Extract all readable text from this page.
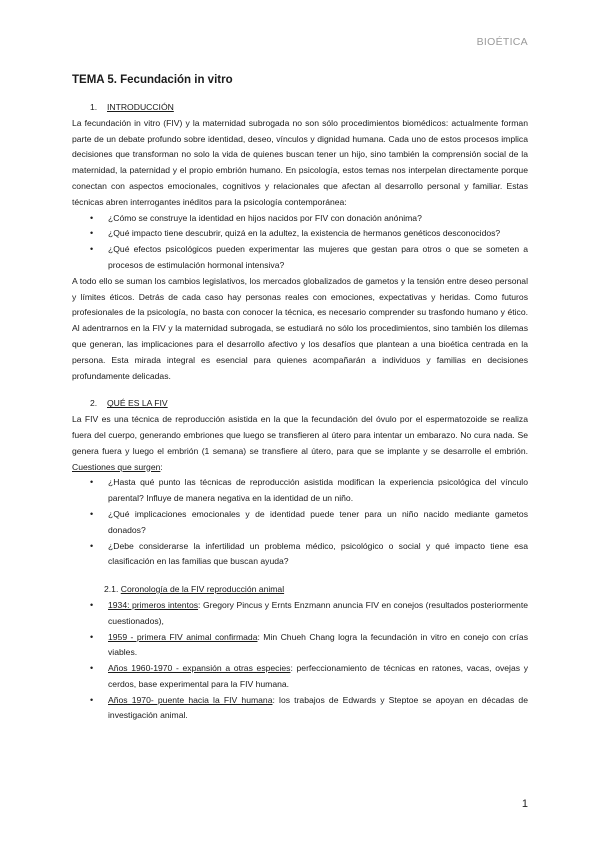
BIOÉTICA
TEMA 5. Fecundación in vitro
1. INTRODUCCIÓN

La fecundación in vitro (FIV) y la maternidad subrogada no son sólo procedimientos biomédicos: actualmente forman parte de un debate profundo sobre identidad, deseo, vínculos y dignidad humana. Cada uno de estos procesos implica decisiones que transforman no solo la vida de quienes buscan tener un hijo, sino también la comprensión social de la maternidad, la paternidad y el propio embrión humano. En psicología, estos temas nos interpelan directamente porque conectan con aspectos emocionales, cognitivos y relacionales que afectan al desarrollo personal y familiar. Estas técnicas abren interrogantes inéditos para la psicología contemporánea:

• ¿Cómo se construye la identidad en hijos nacidos por FIV con donación anónima?
• ¿Qué impacto tiene descubrir, quizá en la adultez, la existencia de hermanos genéticos desconocidos?
• ¿Qué efectos psicológicos pueden experimentar las mujeres que gestan para otros o que se someten a procesos de estimulación hormonal intensiva?

A todo ello se suman los cambios legislativos, los mercados globalizados de gametos y la tensión entre deseo personal y límites éticos. Detrás de cada caso hay personas reales con emociones, expectativas y heridas. Como futuros profesionales de la psicología, no basta con conocer la técnica, es necesario comprender su trasfondo humano y ético. Al adentrarnos en la FIV y la maternidad subrogada, se estudiará no sólo los procedimientos, sino también los dilemas que generan, las implicaciones para el desarrollo afectivo y los desafíos que plantean a una bioética centrada en la persona. Esta mirada integral es esencial para quienes acompañarán a individuos y familias en decisiones profundamente delicadas.

2. QUÉ ES LA FIV

La FIV es una técnica de reproducción asistida en la que la fecundación del óvulo por el espermatozoide se realiza fuera del cuerpo, generando embriones que luego se transfieren al útero para intentar un embarazo. No cura nada. Se genera fuera y luego el embrión (1 semana) se transfiere al útero, para que se implante y se desarrolle el embrión. Cuestiones que surgen:

• ¿Hasta qué punto las técnicas de reproducción asistida modifican la experiencia psicológica del vínculo parental? Influye de manera negativa en la identidad de un niño.
• ¿Qué implicaciones emocionales y de identidad puede tener para un niño nacido mediante gametos donados?
• ¿Debe considerarse la infertilidad un problema médico, psicológico o social y qué impacto tiene esa clasificación en las familias que buscan ayuda?
2.1. Coronología de la FIV reproducción animal
• 1934: primeros intentos: Gregory Pincus y Ernts Enzmann anuncia FIV en conejos (resultados posteriormente cuestionados),
• 1959 - primera FIV animal confirmada: Min Chueh Chang logra la fecundación in vitro en conejo con crías viables.
• Años 1960-1970 - expansión a otras especies: perfeccionamiento de técnicas en ratones, vacas, ovejas y cerdos, base experimental para la FIV humana.
• Años 1970- puente hacia la FIV humana: los trabajos de Edwards y Steptoe se apoyan en décadas de investigación animal.
1
